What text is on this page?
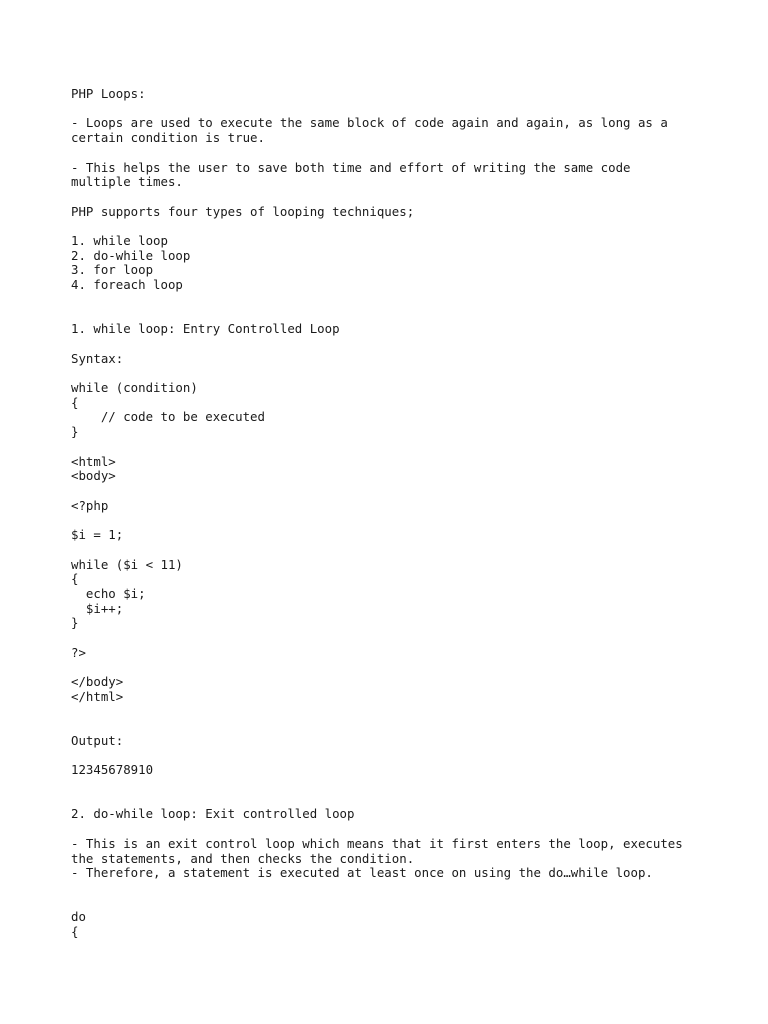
PHP Loops:

- Loops are used to execute the same block of code again and again, as long as a
certain condition is true.

- This helps the user to save both time and effort of writing the same code
multiple times.

PHP supports four types of looping techniques;

1. while loop
2. do-while loop
3. for loop
4. foreach loop

1. while loop: Entry Controlled Loop

Syntax:

while (condition)
{
// code to be executed
}

<html>
<body>

<?php

$i = 1;

while ($i < 11)
{
echo $i;
$i++;
}

?>

</body>
</html>

Output:

12345678910

2. do-while loop: Exit controlled loop

- This is an exit control loop which means that it first enters the loop, executes
the statements, and then checks the condition.
- Therefore, a statement is executed at least once on using the do…while loop.

do
{
